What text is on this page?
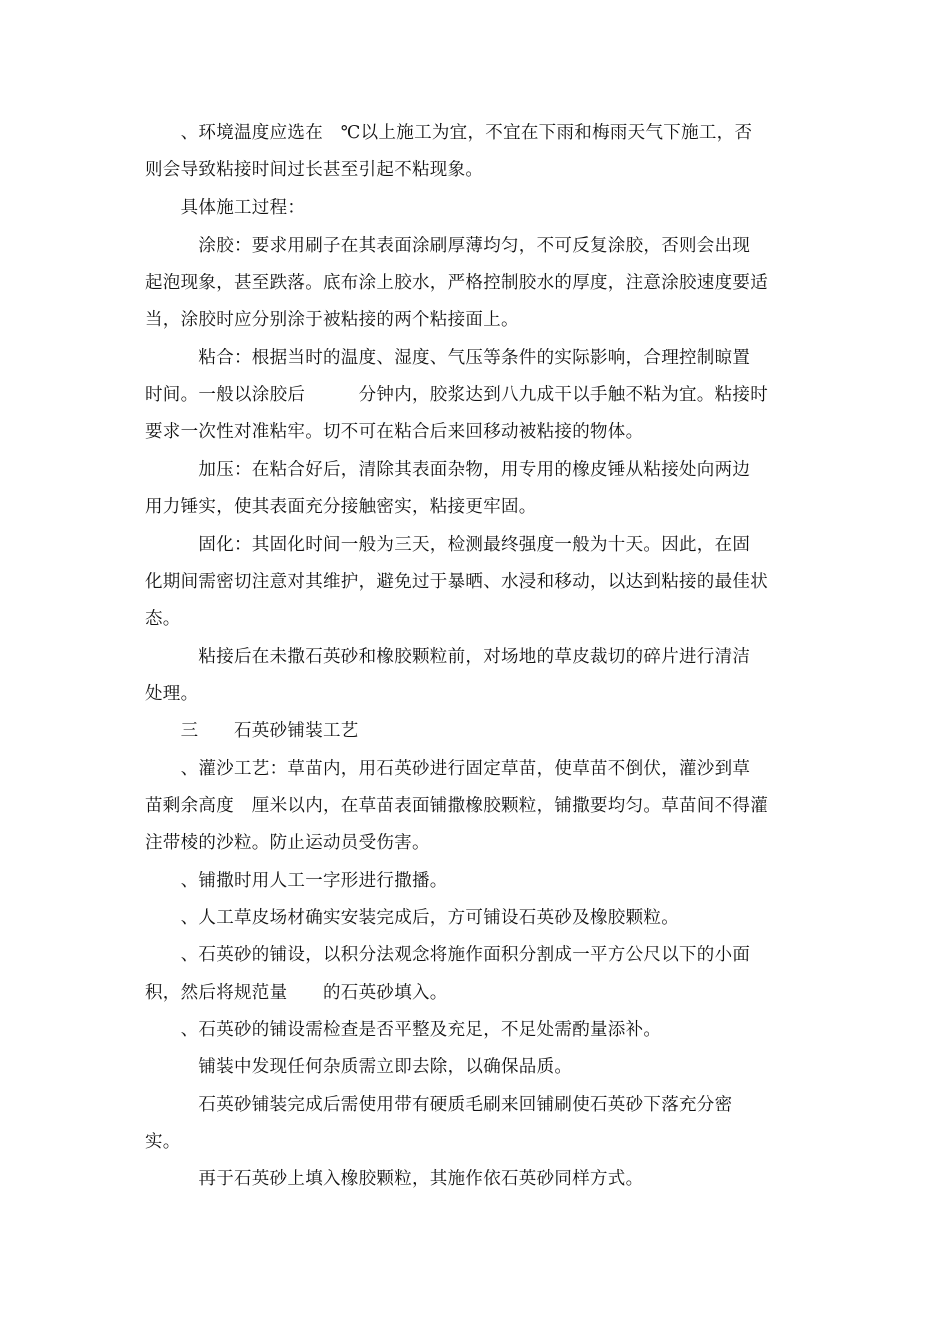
　　、环境温度应选在　℃以上施工为宜，不宜在下雨和梅雨天气下施工，否
则会导致粘接时间过长甚至引起不粘现象。
　　具体施工过程：
　　　涂胶：要求用刷子在其表面涂刷厚薄均匀，不可反复涂胶，否则会出现
起泡现象，甚至跌落。底布涂上胶水，严格控制胶水的厚度，注意涂胶速度要适
当，涂胶时应分别涂于被粘接的两个粘接面上。
　　　粘合：根据当时的温度、湿度、气压等条件的实际影响，合理控制晾置
时间。一般以涂胶后　　　分钟内，胶浆达到八九成干以手触不粘为宜。粘接时
要求一次性对准粘牢。切不可在粘合后来回移动被粘接的物体。
　　　加压：在粘合好后，清除其表面杂物，用专用的橡皮锤从粘接处向两边
用力锤实，使其表面充分接触密实，粘接更牢固。
　　　固化：其固化时间一般为三天，检测最终强度一般为十天。因此，在固
化期间需密切注意对其维护，避免过于暴晒、水浸和移动，以达到粘接的最佳状
态。
　　　粘接后在未撒石英砂和橡胶颗粒前，对场地的草皮裁切的碎片进行清洁
处理。
　　三　　石英砂铺装工艺
　　、灌沙工艺：草苗内，用石英砂进行固定草苗，使草苗不倒伏，灌沙到草
苗剩余高度　厘米以内，在草苗表面铺撒橡胶颗粒，铺撒要均匀。草苗间不得灌
注带棱的沙粒。防止运动员受伤害。
　　、铺撒时用人工一字形进行撒播。
　　、人工草皮场材确实安装完成后，方可铺设石英砂及橡胶颗粒。
　　、石英砂的铺设，以积分法观念将施作面积分割成一平方公尺以下的小面
积，然后将规范量　　的石英砂填入。
　　、石英砂的铺设需检查是否平整及充足，不足处需酌量添补。
　　　铺装中发现任何杂质需立即去除，以确保品质。
　　　石英砂铺装完成后需使用带有硬质毛刷来回铺刷使石英砂下落充分密
实。
　　　再于石英砂上填入橡胶颗粒，其施作依石英砂同样方式。
